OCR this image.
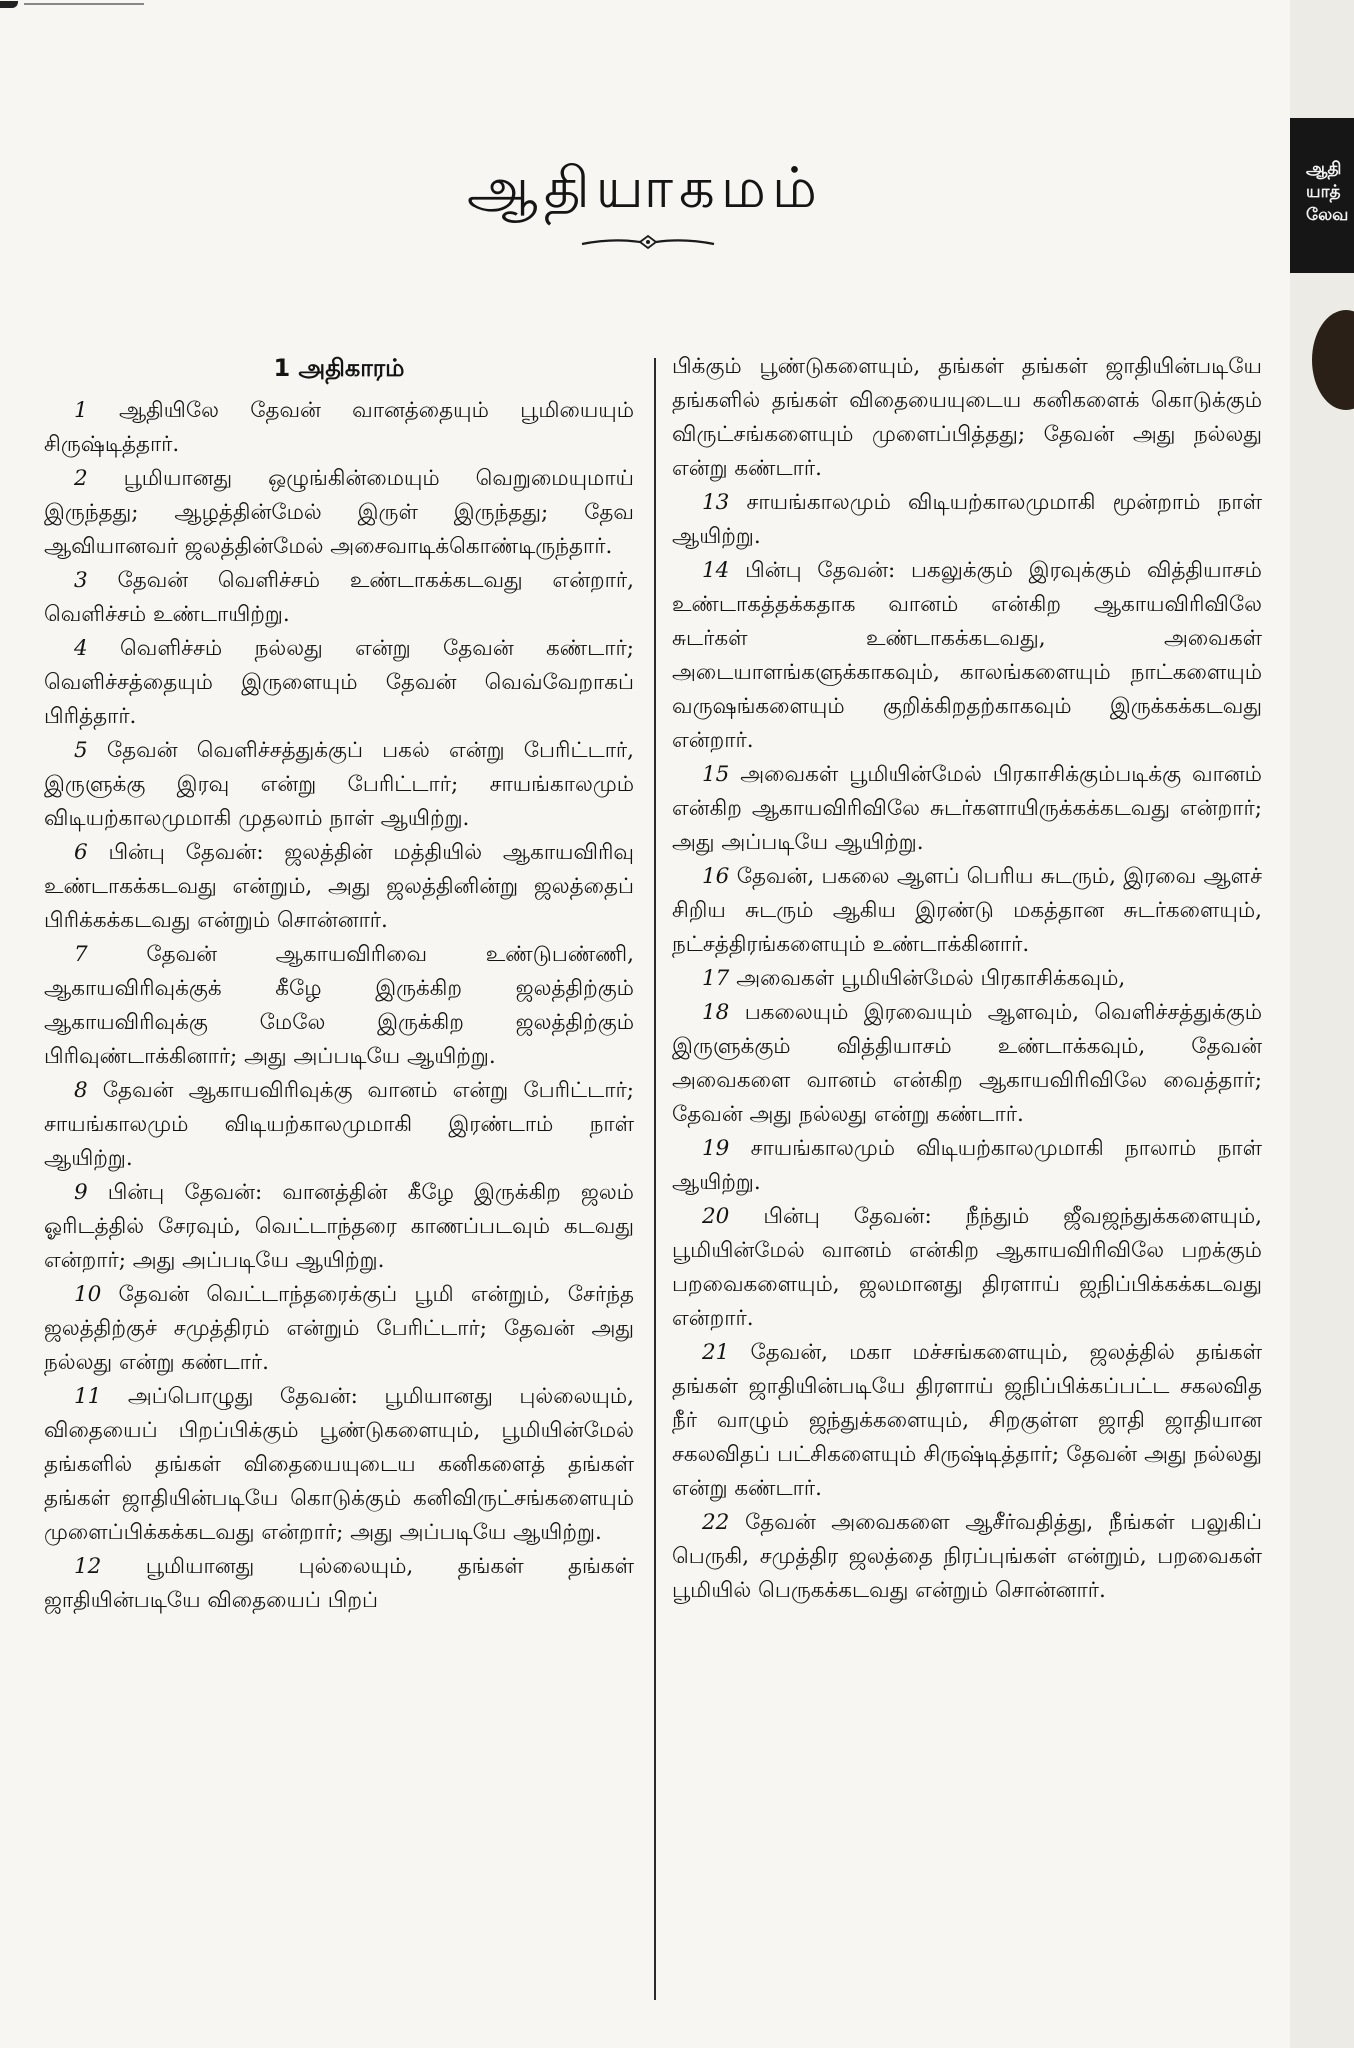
ஆதியாகமம்
1 அதிகாரம்

1 ஆதியிலே தேவன் வானத்தையும் பூமியையும் சிருஷ்டித்தார்.

2 பூமியானது ஒழுங்கின்மையும் வெறுமையுமாய் இருந்தது; ஆழத்தின்மேல் இருள் இருந்தது; தேவ ஆவியானவர் ஜலத்தின்மேல் அசைவாடிக்கொண்டிருந்தார்.

3 தேவன் வெளிச்சம் உண்டாகக்கடவது என்றார், வெளிச்சம் உண்டாயிற்று.

4 வெளிச்சம் நல்லது என்று தேவன் கண்டார்; வெளிச்சத்தையும் இருளையும் தேவன் வெவ்வேறாகப் பிரித்தார்.

5 தேவன் வெளிச்சத்துக்குப் பகல் என்று பேரிட்டார், இருளுக்கு இரவு என்று பேரிட்டார்; சாயங்காலமும் விடியற்காலமுமாகி முதலாம் நாள் ஆயிற்று.

6 பின்பு தேவன்: ஜலத்தின் மத்தியில் ஆகாயவிரிவு உண்டாகக்கடவது என்றும், அது ஜலத்தினின்று ஜலத்தைப் பிரிக்கக்கடவது என்றும் சொன்னார்.

7	தேவன் ஆகாயவிரிவை உண்டுபண்ணி, ஆகாயவிரிவுக்குக் கீழே இருக்கிற ஜலத்திற்கும் ஆகாயவிரிவுக்கு மேலே இருக்கிற ஜலத்திற்கும் பிரிவுண்டாக்கினார்; அது அப்படியே ஆயிற்று.

8 தேவன் ஆகாயவிரிவுக்கு வானம் என்று பேரிட்டார்; சாயங்காலமும் விடியற்காலமுமாகி இரண்டாம் நாள் ஆயிற்று.

9 பின்பு தேவன்: வானத்தின் கீழே இருக்கிற ஜலம் ஓரிடத்தில் சேரவும், வெட்டாந்தரை காணப்படவும் கடவது என்றார்; அது அப்படியே ஆயிற்று.

10 தேவன் வெட்டாந்தரைக்குப் பூமி என்றும், சேர்ந்த ஜலத்திற்குச் சமுத்திரம் என்றும் பேரிட்டார்; தேவன் அது நல்லது என்று கண்டார்.

11 அப்பொழுது தேவன்: பூமியானது புல்லையும், விதையைப் பிறப்பிக்கும் பூண்டுகளையும், பூமியின்மேல் தங்களில் தங்கள் விதையையுடைய கனிகளைத் தங்கள் தங்கள் ஜாதியின்படியே கொடுக்கும் கனிவிருட்சங்களையும் முளைப்பிக்கக்கடவது என்றார்; அது அப்படியே ஆயிற்று.

12 பூமியானது புல்லையும், தங்கள் தங்கள் ஜாதியின்படியே விதையைப் பிறப்

பிக்கும் பூண்டுகளையும், தங்கள் தங்கள் ஜாதியின்படியே தங்களில் தங்கள் விதையையுடைய கனிகளைக் கொடுக்கும் விருட்சங்களையும் முளைப்பித்தது; தேவன் அது நல்லது என்று கண்டார்.

13 சாயங்காலமும் விடியற்காலமுமாகி மூன்றாம் நாள் ஆயிற்று.

14 பின்பு தேவன்: பகலுக்கும் இரவுக்கும் வித்தியாசம் உண்டாகத்தக்கதாக வானம் என்கிற ஆகாயவிரிவிலே சுடர்கள் உண்டாகக்கடவது, அவைகள் அடையாளங்களுக்காகவும், காலங்களையும் நாட்களையும் வருஷங்களையும் குறிக்கிறதற்காகவும் இருக்கக்கடவது என்றார்.

15 அவைகள் பூமியின்மேல் பிரகாசிக்கும்படிக்கு வானம் என்கிற ஆகாயவிரிவிலே சுடர்களாயிருக்கக்கடவது என்றார்; அது அப்படியே ஆயிற்று.

16 தேவன், பகலை ஆளப் பெரிய சுடரும், இரவை ஆளச் சிறிய சுடரும் ஆகிய இரண்டு மகத்தான சுடர்களையும், நட்சத்திரங்களையும் உண்டாக்கினார்.

17 அவைகள் பூமியின்மேல் பிரகாசிக்கவும்,

18 பகலையும் இரவையும் ஆளவும், வெளிச்சத்துக்கும் இருளுக்கும் வித்தியாசம் உண்டாக்கவும், தேவன் அவைகளை வானம் என்கிற ஆகாயவிரிவிலே வைத்தார்; தேவன் அது நல்லது என்று கண்டார்.

19 சாயங்காலமும் விடியற்காலமுமாகி நாலாம் நாள் ஆயிற்று.

20 பின்பு தேவன்: நீந்தும் ஜீவஜந்துக்களையும், பூமியின்மேல் வானம் என்கிற ஆகாயவிரிவிலே பறக்கும் பறவைகளையும், ஜலமானது திரளாய் ஜநிப்பிக்கக்கடவது என்றார்.

21 தேவன், மகா மச்சங்களையும், ஜலத்தில் தங்கள் தங்கள் ஜாதியின்படியே திரளாய் ஜநிப்பிக்கப்பட்ட சகலவித நீர் வாழும் ஜந்துக்களையும், சிறகுள்ள ஜாதி ஜாதியான சகலவிதப் பட்சிகளையும் சிருஷ்டித்தார்; தேவன் அது நல்லது என்று கண்டார்.

22 தேவன் அவைகளை ஆசீர்வதித்து, நீங்கள் பலுகிப் பெருகி, சமுத்திர ஜலத்தை நிரப்புங்கள் என்றும், பறவைகள் பூமியில் பெருகக்கடவது என்றும் சொன்னார்.

ஆதி
யாத்
லேவ
